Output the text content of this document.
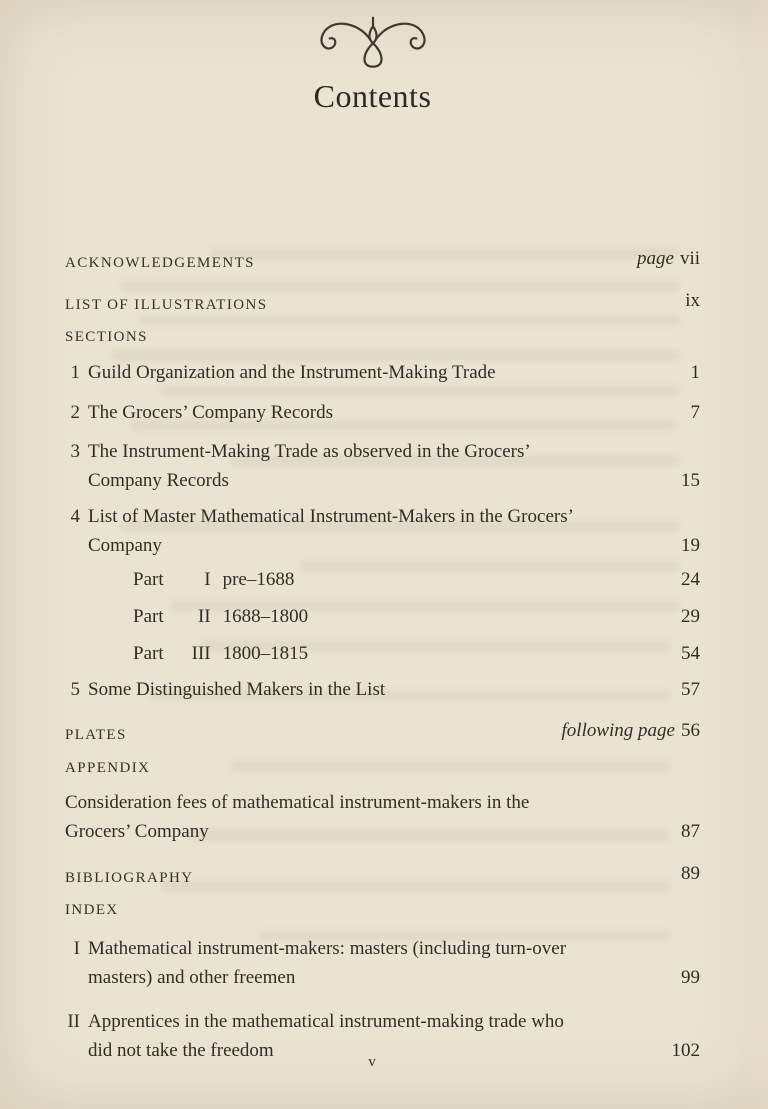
Contents
ACKNOWLEDGEMENTS	page vii
LIST OF ILLUSTRATIONS	ix
SECTIONS
1 Guild Organization and the Instrument-Making Trade	1
2 The Grocers’ Company Records	7
3 The Instrument-Making Trade as observed in the Grocers’
Company Records	15
4 List of Master Mathematical Instrument-Makers in the Grocers’
Company	19
Part I pre–1688	24
Part II 1688–1800	29
Part III 1800–1815	54
5 Some Distinguished Makers in the List	57
PLATES	following page 56
APPENDIX
Consideration fees of mathematical instrument-makers in the
Grocers’ Company	87
BIBLIOGRAPHY	89
INDEX
I Mathematical instrument-makers: masters (including turn-over
masters) and other freemen	99
II Apprentices in the mathematical instrument-making trade who
did not take the freedom	102
v
